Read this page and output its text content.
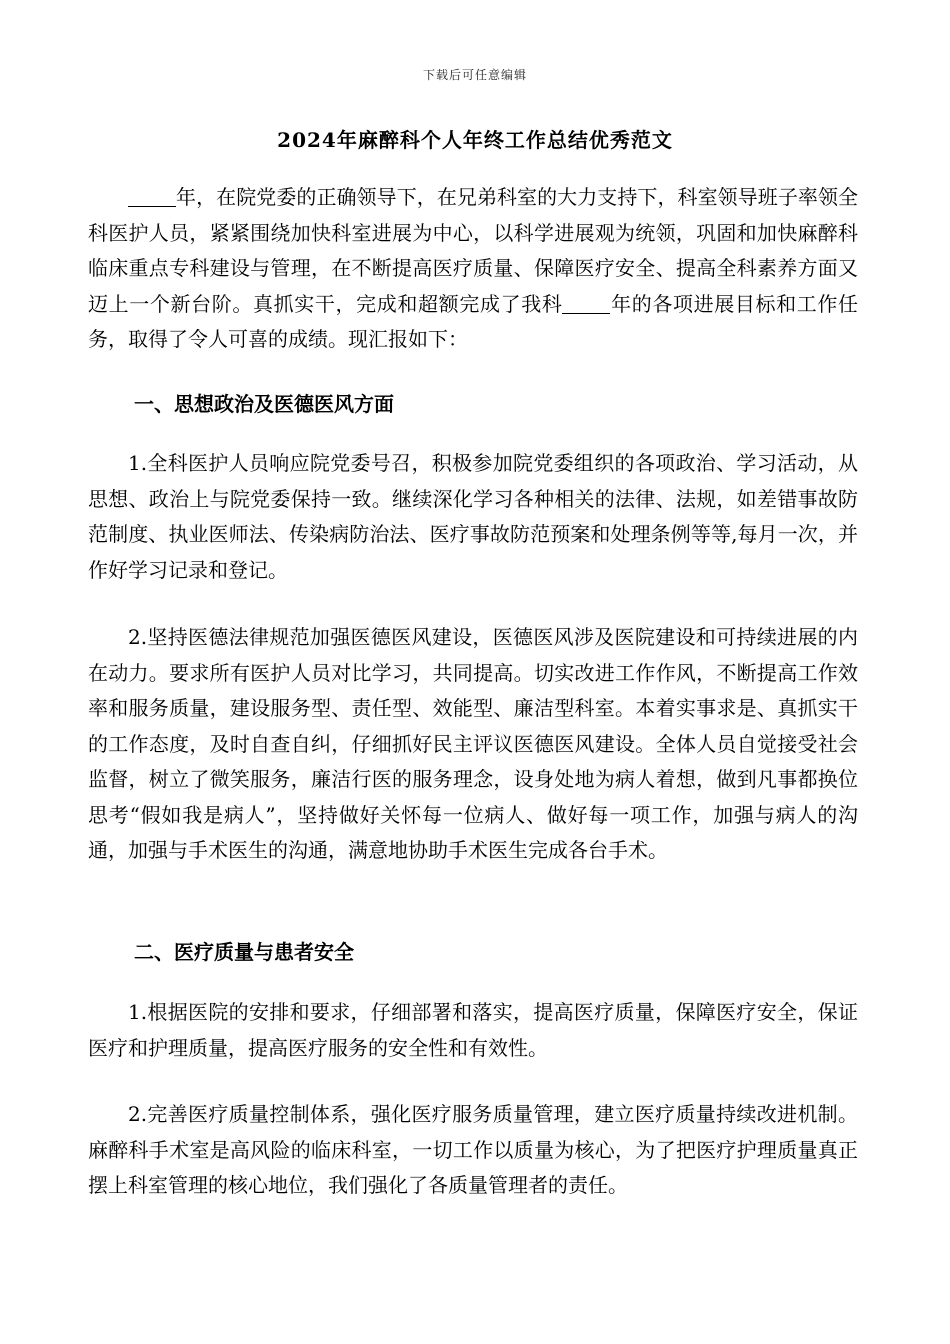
下载后可任意编辑
2024年麻醉科个人年终工作总结优秀范文

年，在院党委的正确领导下，在兄弟科室的大力支持下，科室领导班子率领全科医护人员，紧紧围绕加快科室进展为中心，以科学进展观为统领，巩固和加快麻醉科临床重点专科建设与管理，在不断提高医疗质量、保障医疗安全、提高全科素养方面又迈上一个新台阶。真抓实干，完成和超额完成了我科 年的各项进展目标和工作任务，取得了令人可喜的成绩。现汇报如下：

一、思想政治及医德医风方面

1.全科医护人员响应院党委号召，积极参加院党委组织的各项政治、学习活动，从思想、政治上与院党委保持一致。继续深化学习各种相关的法律、法规，如差错事故防范制度、执业医师法、传染病防治法、医疗事故防范预案和处理条例等等,每月一次，并作好学习记录和登记。

2.坚持医德法律规范加强医德医风建设，医德医风涉及医院建设和可持续进展的内在动力。要求所有医护人员对比学习，共同提高。切实改进工作作风，不断提高工作效率和服务质量，建设服务型、责任型、效能型、廉洁型科室。本着实事求是、真抓实干的工作态度，及时自查自纠，仔细抓好民主评议医德医风建设。全体人员自觉接受社会监督，树立了微笑服务，廉洁行医的服务理念，设身处地为病人着想，做到凡事都换位思考“假如我是病人”，坚持做好关怀每一位病人、做好每一项工作，加强与病人的沟通，加强与手术医生的沟通，满意地协助手术医生完成各台手术。

二、医疗质量与患者安全

1.根据医院的安排和要求，仔细部署和落实，提高医疗质量，保障医疗安全，保证医疗和护理质量，提高医疗服务的安全性和有效性。

2.完善医疗质量控制体系，强化医疗服务质量管理，建立医疗质量持续改进机制。麻醉科手术室是高风险的临床科室，一切工作以质量为核心，为了把医疗护理质量真正摆上科室管理的核心地位，我们强化了各质量管理者的责任。
